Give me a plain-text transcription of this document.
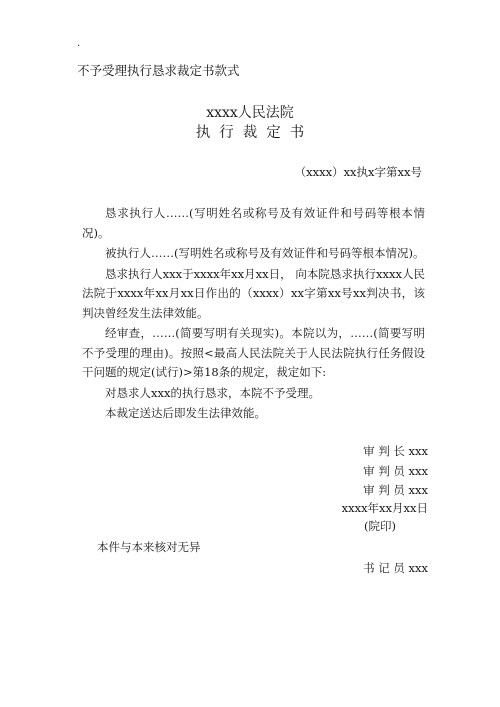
.
不予受理执行恳求裁定书款式
xxxx人民法院
执行裁定书
（xxxx）xx执x字第xx号

恳求执行人……(写明姓名或称号及有效证件和号码等根本情况)。

被执行人……(写明姓名或称号及有效证件和号码等根本情况)。

恳求执行人xxx于xxxx年xx月xx日， 向本院恳求执行xxxx人民法院于xxxx年xx月xx日作出的（xxxx）xx字第xx号xx判决书，该判决曾经发生法律效能。

经审查，……(简要写明有关现实)。本院以为，……(简要写明不予受理的理由)。按照<最高人民法院关于人民法院执行任务假设干问题的规定(试行)>第18条的规定，裁定如下:

对恳求人xxx的执行恳求，本院不予受理。

本裁定送达后即发生法律效能。

审 判 长 xxx
审 判 员 xxx
审 判 员 xxx
xxxx年xx月xx日
(院印)
本件与本来核对无异
书 记 员 xxx
